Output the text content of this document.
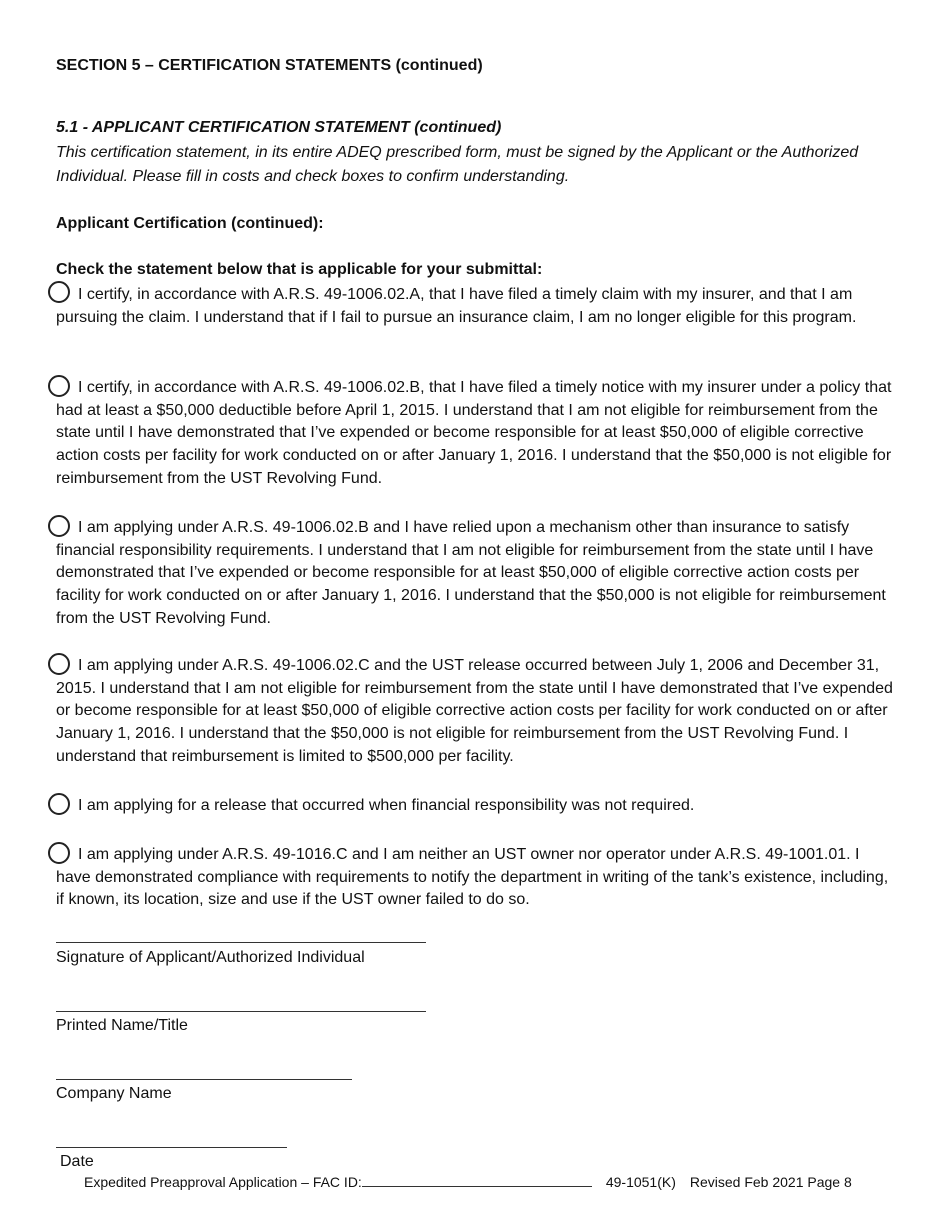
SECTION 5 – CERTIFICATION STATEMENTS (continued)
5.1 - APPLICANT CERTIFICATION STATEMENT (continued)
This certification statement, in its entire ADEQ prescribed form, must be signed by the Applicant or the Authorized Individual. Please fill in costs and check boxes to confirm understanding.
Applicant Certification (continued):
Check the statement below that is applicable for your submittal:
I certify, in accordance with A.R.S. 49-1006.02.A, that I have filed a timely claim with my insurer, and that I am pursuing the claim. I understand that if I fail to pursue an insurance claim, I am no longer eligible for this program.
I certify, in accordance with A.R.S. 49-1006.02.B, that I have filed a timely notice with my insurer under a policy that had at least a $50,000 deductible before April 1, 2015. I understand that I am not eligible for reimbursement from the state until I have demonstrated that I’ve expended or become responsible for at least $50,000 of eligible corrective action costs per facility for work conducted on or after January 1, 2016. I understand that the $50,000 is not eligible for reimbursement from the UST Revolving Fund.
I am applying under A.R.S. 49-1006.02.B and I have relied upon a mechanism other than insurance to satisfy financial responsibility requirements. I understand that I am not eligible for reimbursement from the state until I have demonstrated that I’ve expended or become responsible for at least $50,000 of eligible corrective action costs per facility for work conducted on or after January 1, 2016. I understand that the $50,000 is not eligible for reimbursement from the UST Revolving Fund.
I am applying under A.R.S. 49-1006.02.C and the UST release occurred between July 1, 2006 and December 31, 2015. I understand that I am not eligible for reimbursement from the state until I have demonstrated that I’ve expended or become responsible for at least $50,000 of eligible corrective action costs per facility for work conducted on or after January 1, 2016. I understand that the $50,000 is not eligible for reimbursement from the UST Revolving Fund. I understand that reimbursement is limited to $500,000 per facility.
I am applying for a release that occurred when financial responsibility was not required.
I am applying under A.R.S. 49-1016.C and I am neither an UST owner nor operator under A.R.S. 49-1001.01. I have demonstrated compliance with requirements to notify the department in writing of the tank’s existence, including, if known, its location, size and use if the UST owner failed to do so.
Signature of Applicant/Authorized Individual
Printed Name/Title
Company Name
Date
Expedited Preapproval Application – FAC ID:	49-1051(K) Revised Feb 2021 Page 8
